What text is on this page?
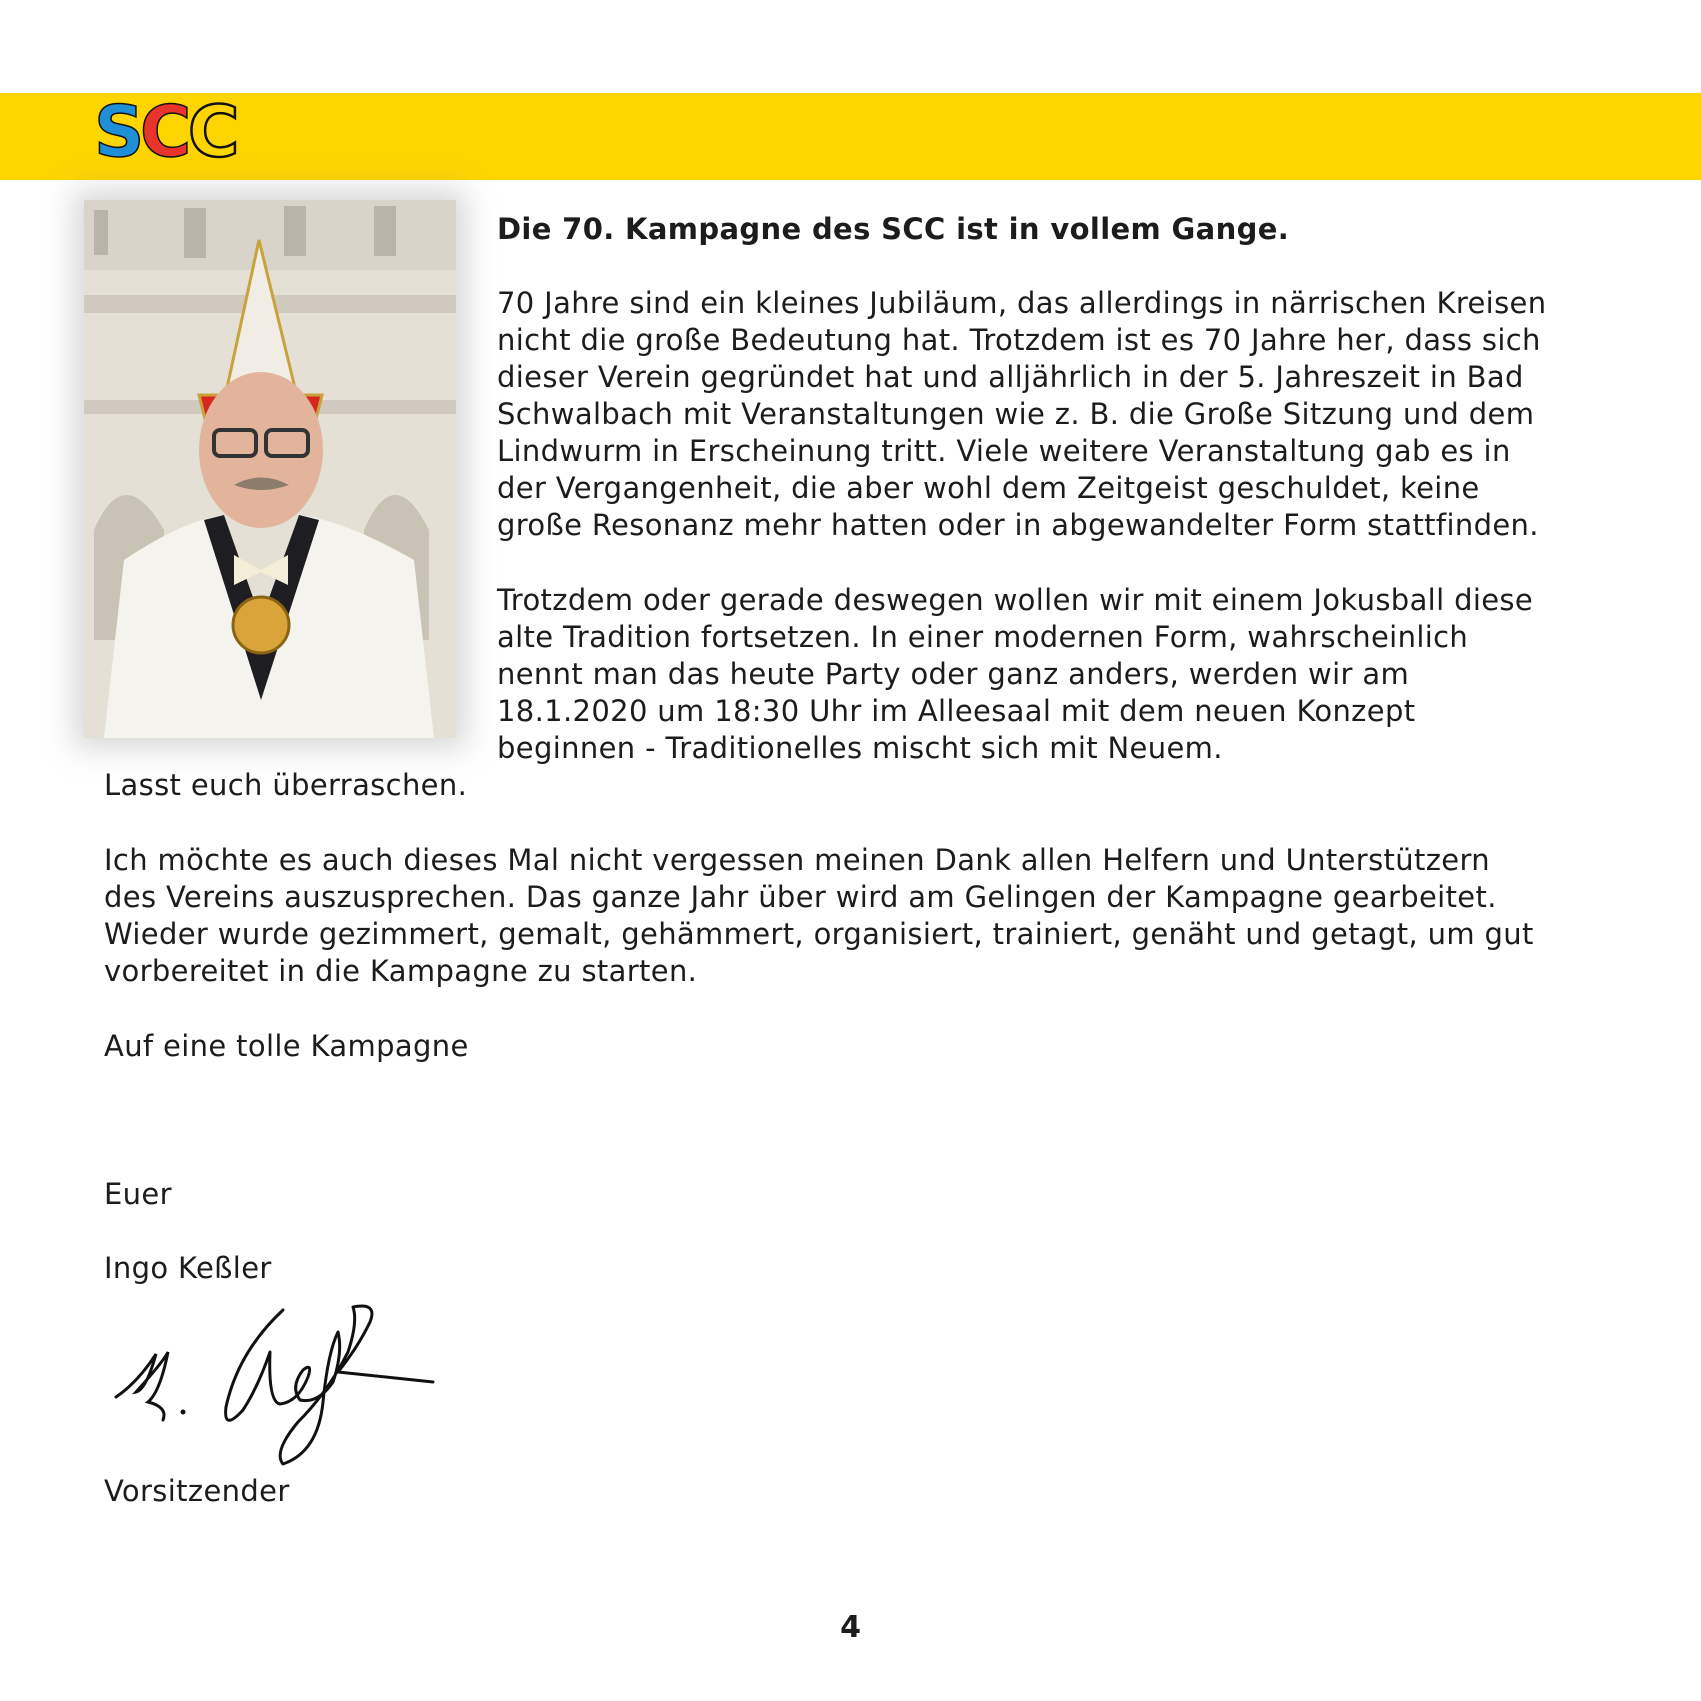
S
C
C

Die 70. Kampagne des SCC ist in vollem Gange.

70 Jahre sind ein kleines Jubiläum, das allerdings in närrischen Kreisen

nicht die große Bedeutung hat. Trotzdem ist es 70 Jahre her, dass sich

dieser Verein gegründet hat und alljährlich in der 5. Jahreszeit in Bad

Schwalbach mit Veranstaltungen wie z. B. die Große Sitzung und dem

Lindwurm in Erscheinung tritt. Viele weitere Veranstaltung gab es in

der Vergangenheit, die aber wohl dem Zeitgeist geschuldet, keine

große Resonanz mehr hatten oder in abgewandelter Form stattfinden.

Trotzdem oder gerade deswegen wollen wir mit einem Jokusball diese

alte Tradition fortsetzen. In einer modernen Form, wahrscheinlich

nennt man das heute Party oder ganz anders, werden wir am

18.1.2020 um 18:30 Uhr im Alleesaal mit dem neuen Konzept

beginnen - Traditionelles mischt sich mit Neuem.

Lasst euch überraschen.

Ich möchte es auch dieses Mal nicht vergessen meinen Dank allen Helfern und Unterstützern

des Vereins auszusprechen. Das ganze Jahr über wird am Gelingen der Kampagne gearbeitet.

Wieder wurde gezimmert, gemalt, gehämmert, organisiert, trainiert, genäht und getagt, um gut

vorbereitet in die Kampagne zu starten.

Auf eine tolle Kampagne

Euer

Ingo Keßler

Vorsitzender

4
